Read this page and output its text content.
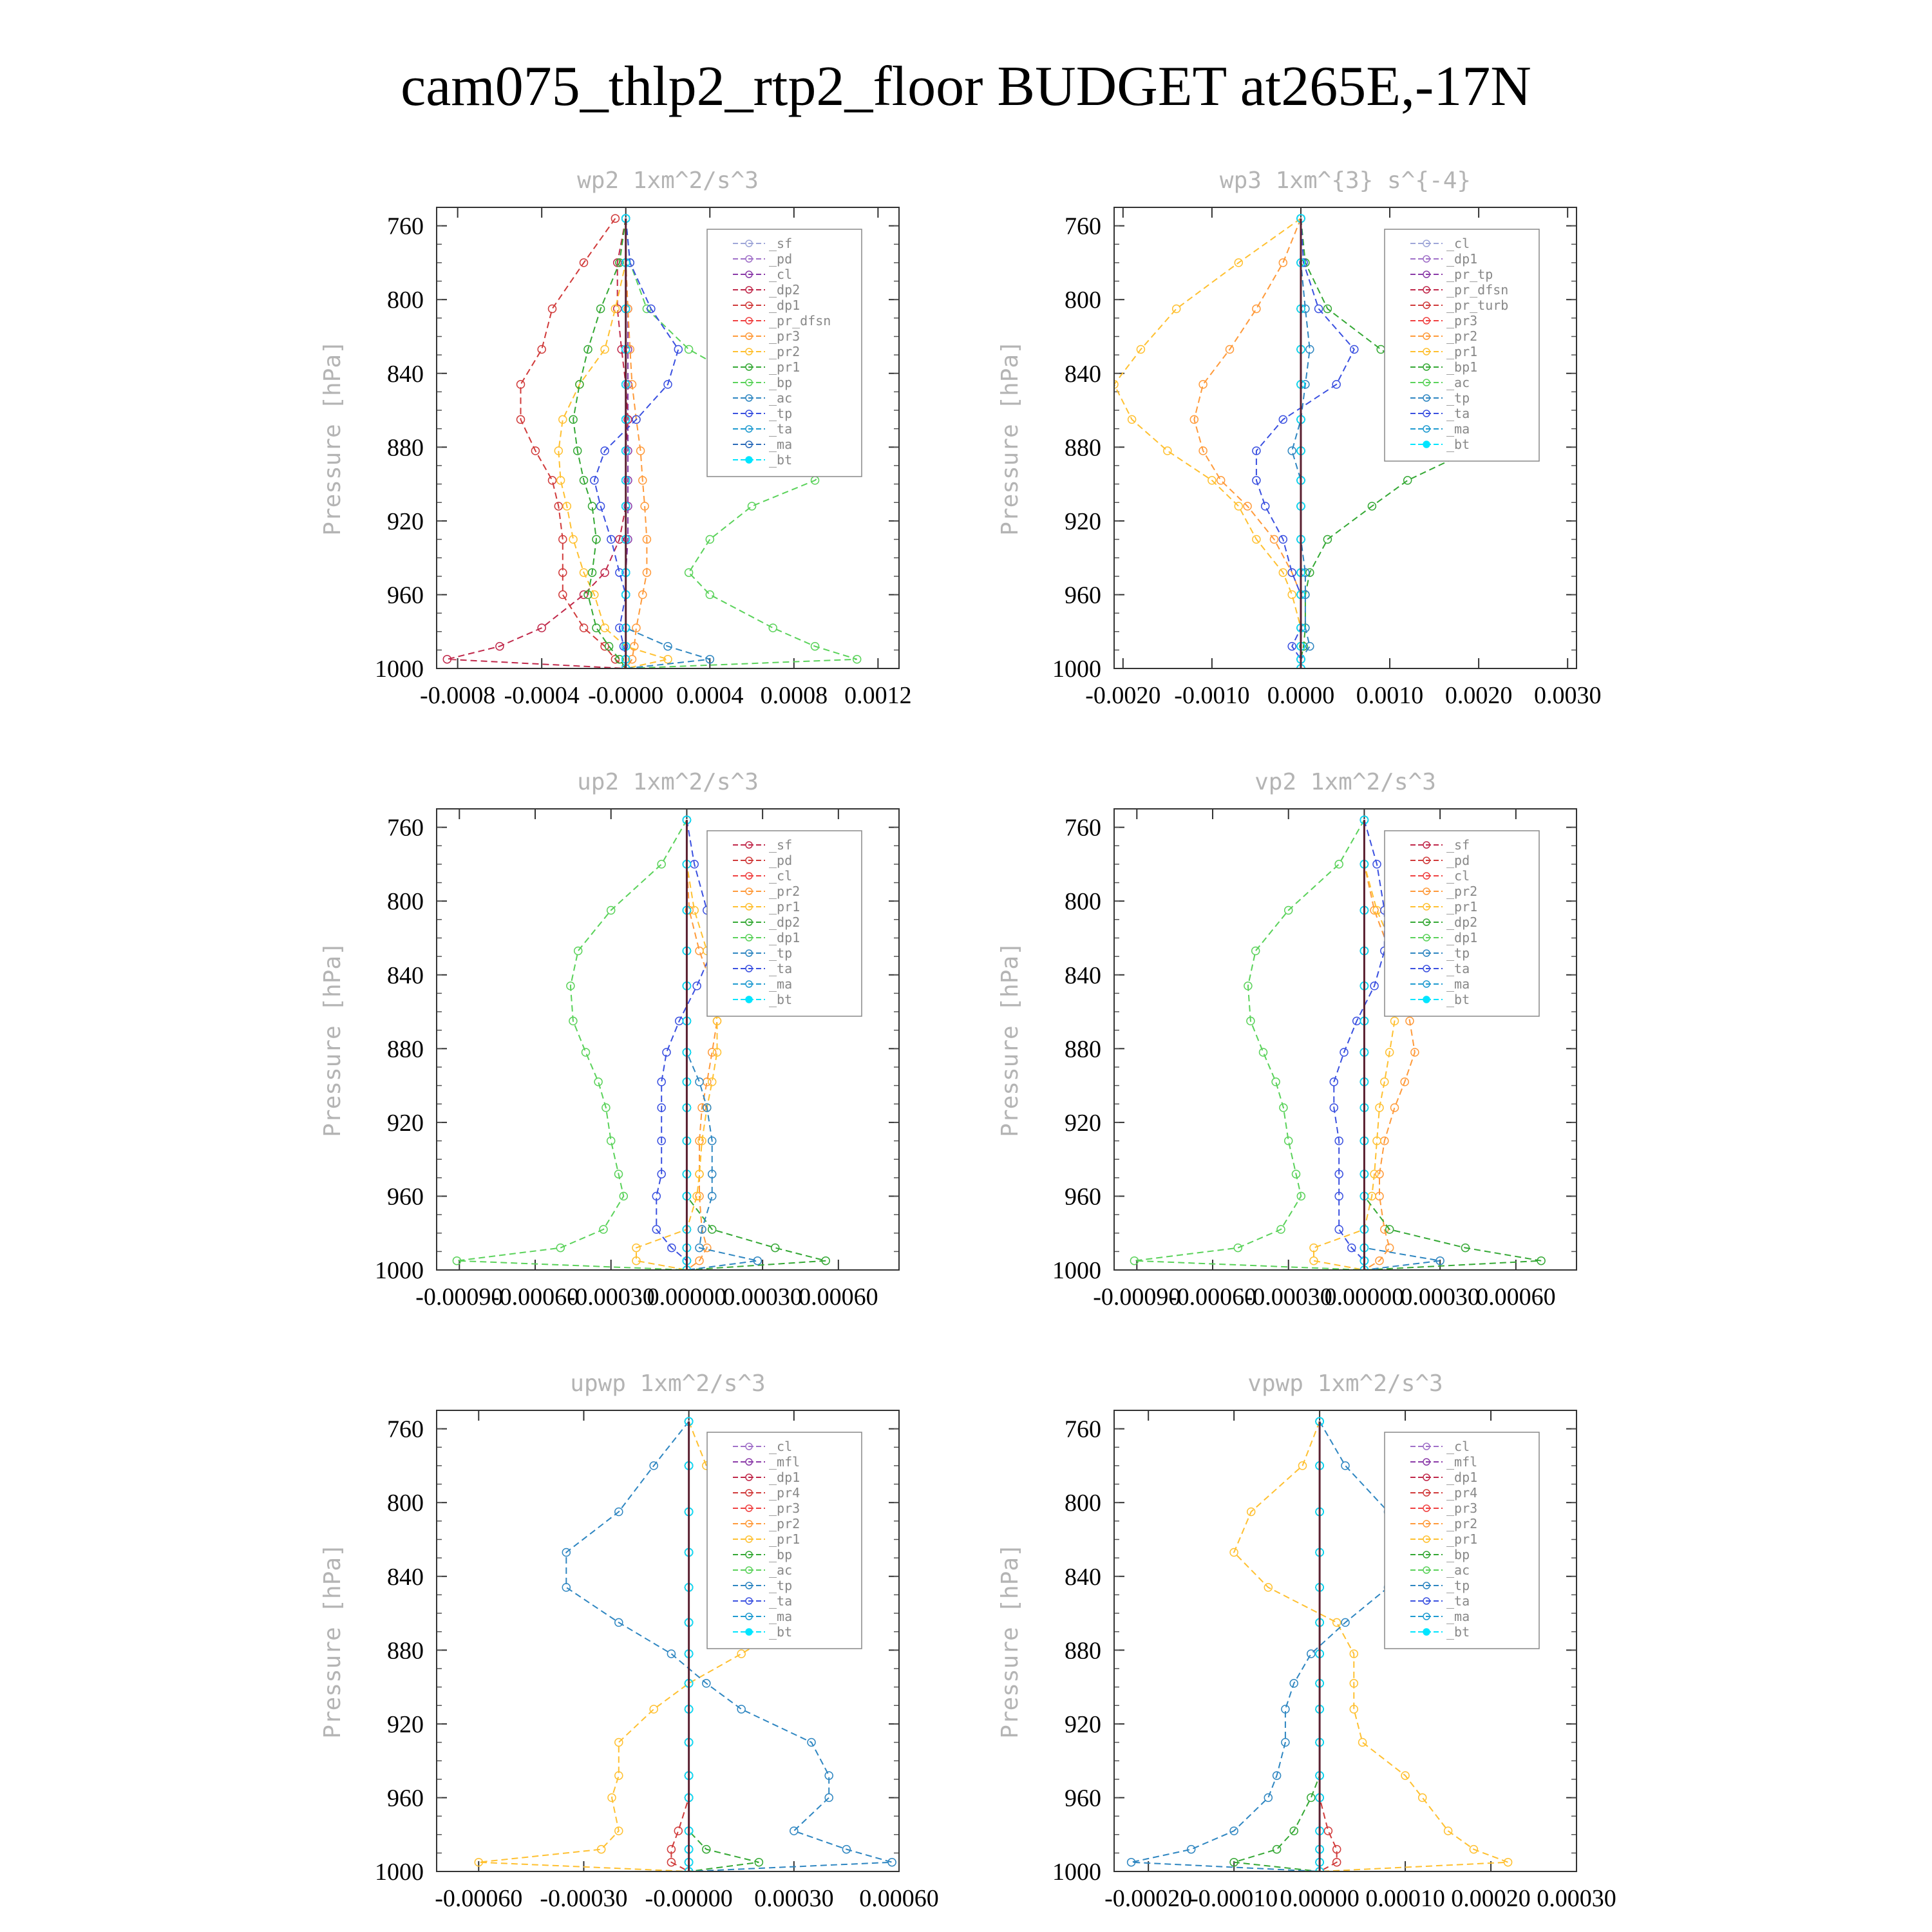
cam075_thlp2_rtp2_floor BUDGET at265E,-17N
wp2 1xm^2/s^3
Pressure [hPa]
760
800
840
880
920
960
1000
-0.0008 -0.0004 -0.0000 0.0004 0.0008 0.0012
_sf
_pd
_cl
_dp2
_dp1
_pr_dfsn
_pr3
_pr2
_pr1
_bp
_ac
_tp
_ta
_ma
_bt
wp3 1xm^{3} s^{-4}
Pressure [hPa]
760
800
840
880
920
960
1000
-0.0020 -0.0010 0.0000 0.0010 0.0020 0.0030
_cl
_dp1
_pr_tp
_pr_dfsn
_pr_turb
_pr3
_pr2
_pr1
_bp1
_ac
_tp
_ta
_ma
_bt
up2 1xm^2/s^3
Pressure [hPa]
760
800
840
880
920
960
1000
-0.00090
-0.00060
-0.00030
0.00000
0.00030
0.00060
_sf
_pd
_cl
_pr2
_pr1
_dp2
_dp1
_tp
_ta
_ma
_bt
vp2 1xm^2/s^3
Pressure [hPa]
760
800
840
880
920
960
1000
-0.00090
-0.00060
-0.00030
0.00000
0.00030
0.00060
_sf
_pd
_cl
_pr2
_pr1
_dp2
_dp1
_tp
_ta
_ma
_bt
upwp 1xm^2/s^3
Pressure [hPa]
760
800
840
880
920
960
1000
-0.00060 -0.00030 -0.00000 0.00030 0.00060
_cl
_mfl
_dp1
_pr4
_pr3
_pr2
_pr1
_bp
_ac
_tp
_ta
_ma
_bt
vpwp 1xm^2/s^3
Pressure [hPa]
760
800
840
880
920
960
1000
-0.00020
-0.00010 0.00000 0.00010 0.00020 0.00030
_cl
_mfl
_dp1
_pr4
_pr3
_pr2
_pr1
_bp
_ac
_tp
_ta
_ma
_bt
